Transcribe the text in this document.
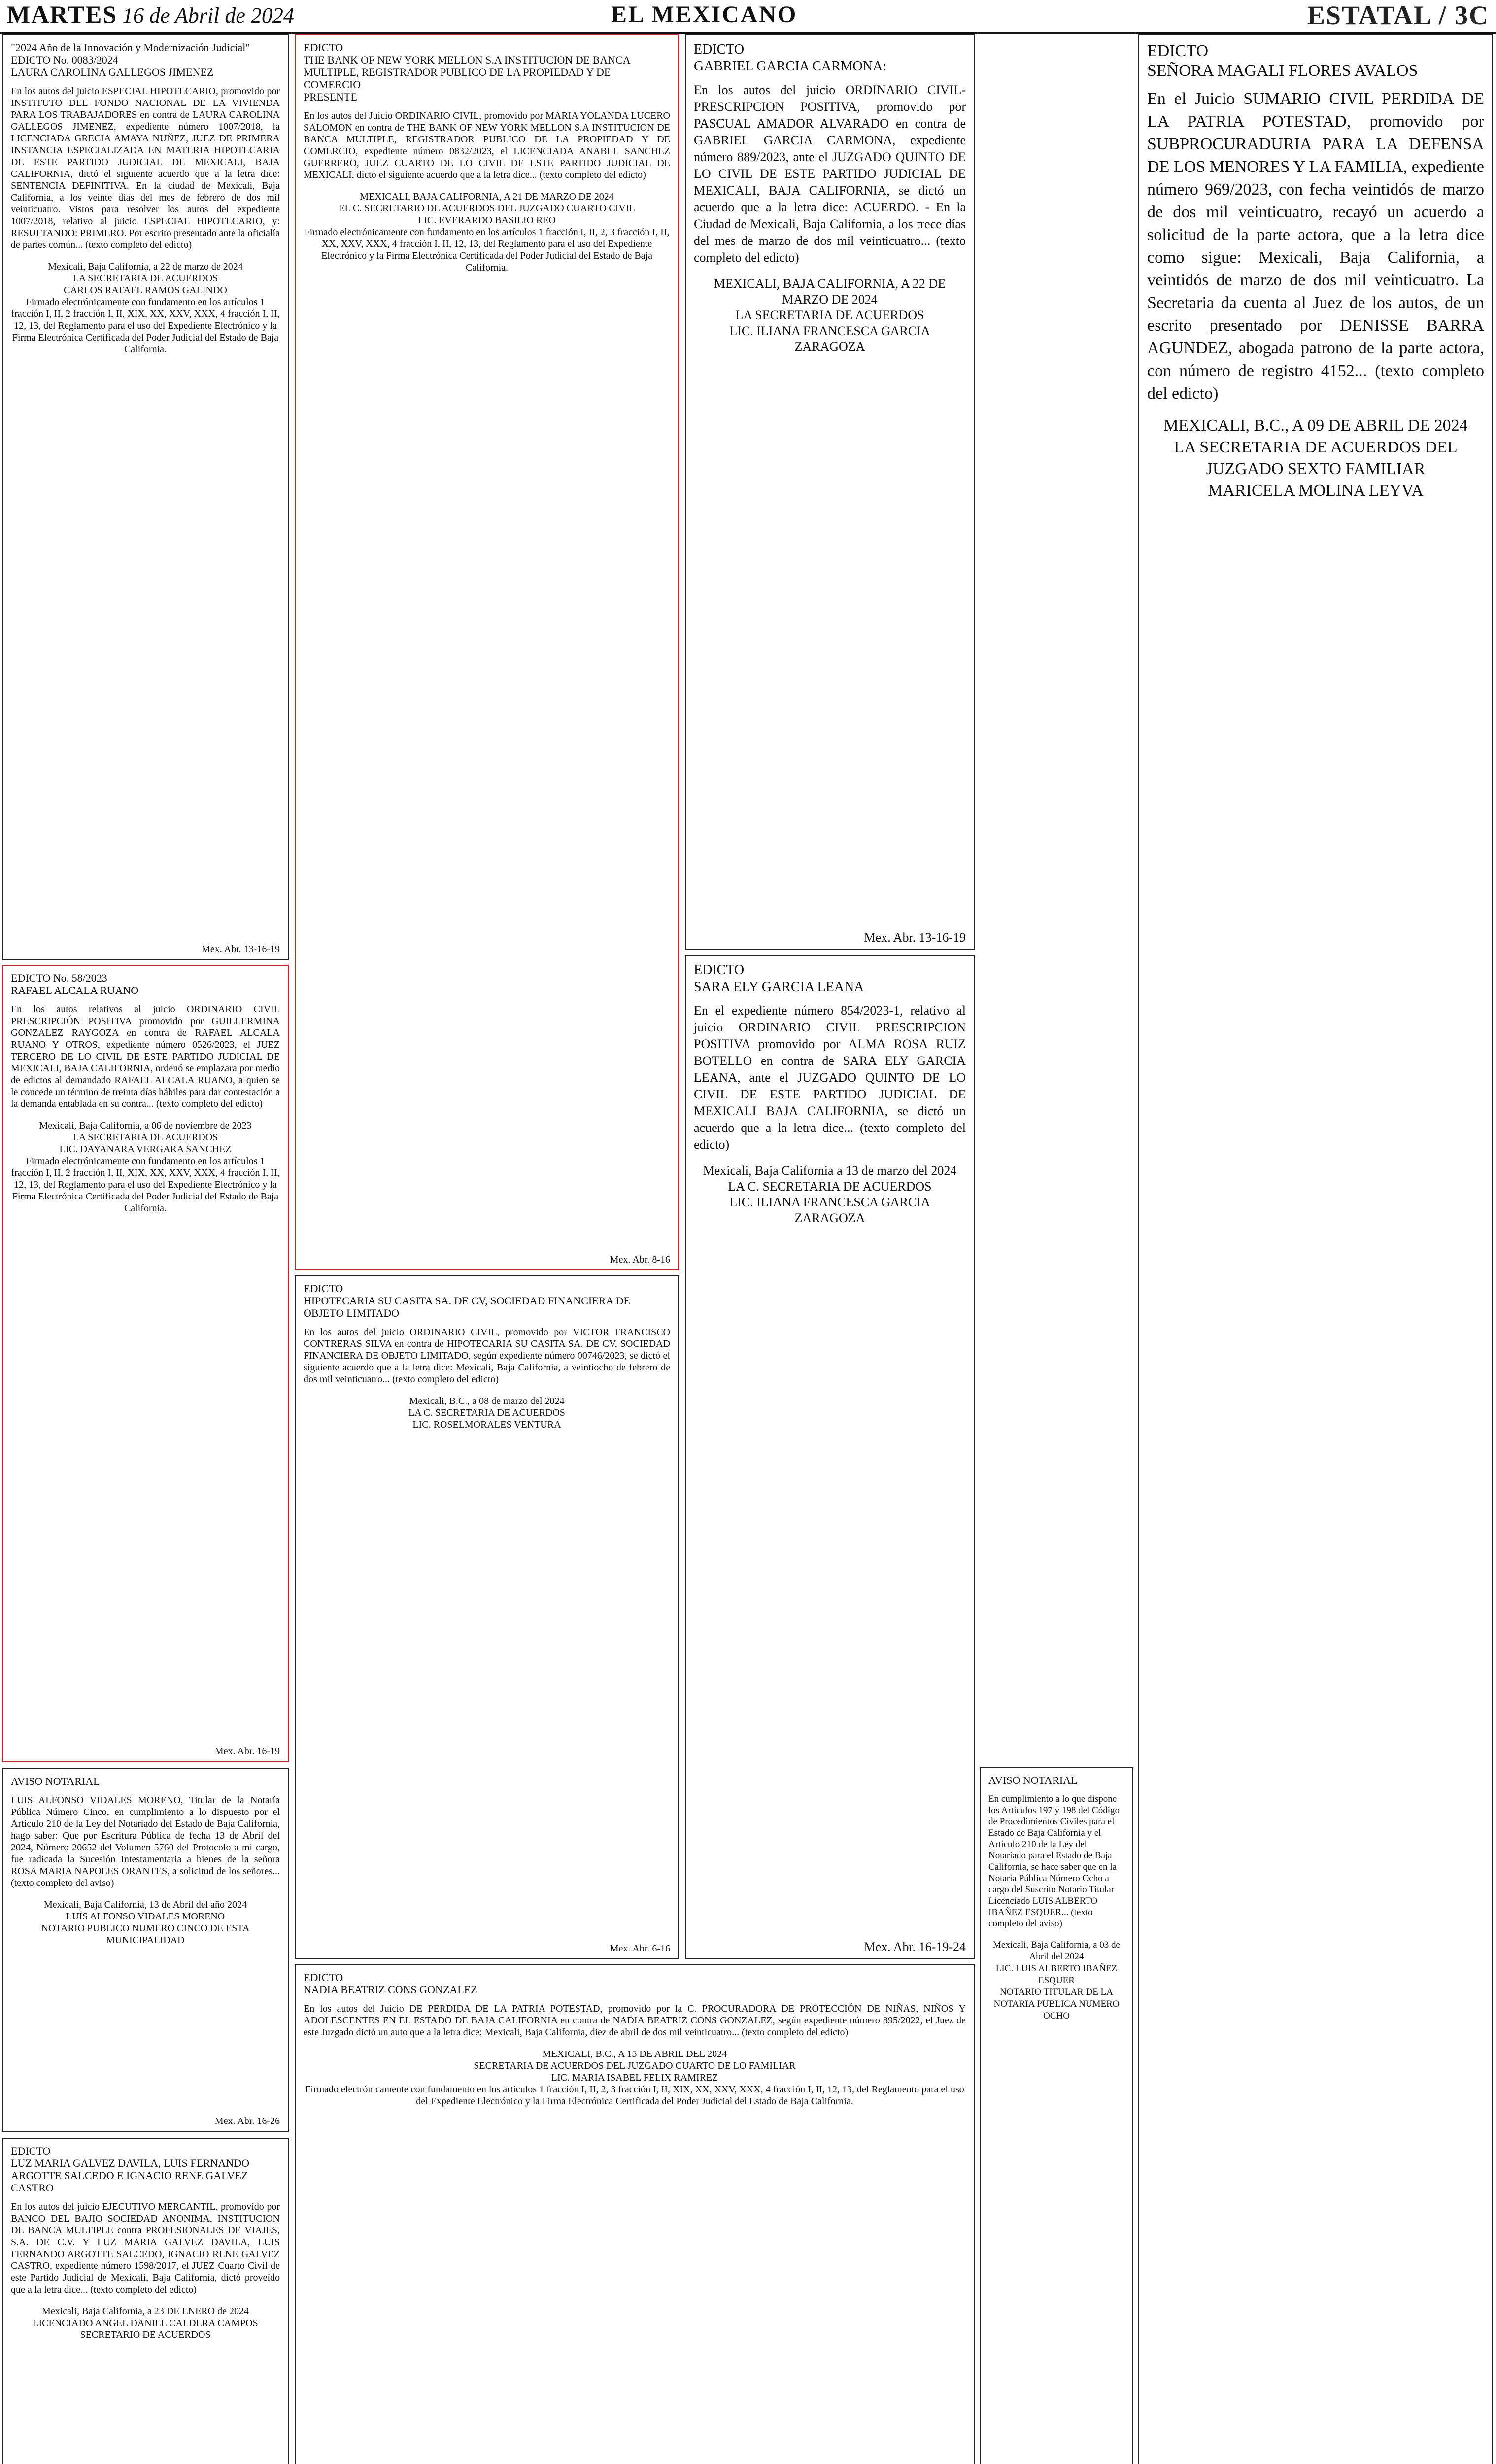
MARTES 16 de Abril de 2024	EL MEXICANO	ESTATAL / 3C
"2024 Año de la Innovación y Modernización Judicial"
EDICTO No. 0083/2024
LAURA CAROLINA GALLEGOS JIMENEZ
En los autos del juicio ESPECIAL HIPOTECARIO, promovido por INSTITUTO DEL FONDO NACIONAL DE LA VIVIENDA PARA LOS TRABAJADORES en contra de LAURA CAROLINA GALLEGOS JIMENEZ, expediente número 1007/2018, la LICENCIADA GRECIA AMAYA NUÑEZ, JUEZ DE PRIMERA INSTANCIA ESPECIALIZADA EN MATERIA HIPOTECARIA DE ESTE PARTIDO JUDICIAL DE MEXICALI, BAJA CALIFORNIA, dictó el siguiente acuerdo que a la letra dice: SENTENCIA DEFINITIVA. En la ciudad de Mexicali, Baja California, a los veinte días del mes de febrero de dos mil veinticuatro. Vistos para resolver los autos del expediente 1007/2018, relativo al juicio ESPECIAL HIPOTECARIO, y: RESULTANDO: PRIMERO. Por escrito presentado ante la oficialía de partes común... (texto completo del edicto)
Mexicali, Baja California, a 22 de marzo de 2024
LA SECRETARIA DE ACUERDOS
CARLOS RAFAEL RAMOS GALINDO
Firmado electrónicamente con fundamento en los artículos 1 fracción I, II, 2 fracción I, II, XIX, XX, XXV, XXX, 4 fracción I, II, 12, 13, del Reglamento para el uso del Expediente Electrónico y la Firma Electrónica Certificada del Poder Judicial del Estado de Baja California.
Mex. Abr. 13-16-19
EDICTO No. 58/2023
RAFAEL ALCALA RUANO
En los autos relativos al juicio ORDINARIO CIVIL PRESCRIPCIÓN POSITIVA promovido por GUILLERMINA GONZALEZ RAYGOZA en contra de RAFAEL ALCALA RUANO Y OTROS, expediente número 0526/2023, el JUEZ TERCERO DE LO CIVIL DE ESTE PARTIDO JUDICIAL DE MEXICALI, BAJA CALIFORNIA, ordenó se emplazara por medio de edictos al demandado RAFAEL ALCALA RUANO, a quien se le concede un término de treinta días hábiles para dar contestación a la demanda entablada en su contra... (texto completo del edicto)
Mexicali, Baja California, a 06 de noviembre de 2023
LA SECRETARIA DE ACUERDOS
LIC. DAYANARA VERGARA SANCHEZ
Firmado electrónicamente con fundamento en los artículos 1 fracción I, II, 2 fracción I, II, XIX, XX, XXV, XXX, 4 fracción I, II, 12, 13, del Reglamento para el uso del Expediente Electrónico y la Firma Electrónica Certificada del Poder Judicial del Estado de Baja California.
Mex. Abr. 16-19
AVISO NOTARIAL
LUIS ALFONSO VIDALES MORENO, Titular de la Notaría Pública Número Cinco, en cumplimiento a lo dispuesto por el Artículo 210 de la Ley del Notariado del Estado de Baja California, hago saber: Que por Escritura Pública de fecha 13 de Abril del 2024, Número 20652 del Volumen 5760 del Protocolo a mi cargo, fue radicada la Sucesión Intestamentaria a bienes de la señora ROSA MARIA NAPOLES ORANTES, a solicitud de los señores... (texto completo del aviso)
Mexicali, Baja California, 13 de Abril del año 2024
LUIS ALFONSO VIDALES MORENO
NOTARIO PUBLICO NUMERO CINCO DE ESTA MUNICIPALIDAD
Mex. Abr. 16-26
EDICTO
LUZ MARIA GALVEZ DAVILA, LUIS FERNANDO ARGOTTE SALCEDO E IGNACIO RENE GALVEZ CASTRO
En los autos del juicio EJECUTIVO MERCANTIL, promovido por BANCO DEL BAJIO SOCIEDAD ANONIMA, INSTITUCION DE BANCA MULTIPLE contra PROFESIONALES DE VIAJES, S.A. DE C.V. Y LUZ MARIA GALVEZ DAVILA, LUIS FERNANDO ARGOTTE SALCEDO, IGNACIO RENE GALVEZ CASTRO, expediente número 1598/2017, el JUEZ Cuarto Civil de este Partido Judicial de Mexicali, Baja California, dictó proveído que a la letra dice... (texto completo del edicto)
Mexicali, Baja California, a 23 DE ENERO de 2024
LICENCIADO ANGEL DANIEL CALDERA CAMPOS
SECRETARIO DE ACUERDOS
EDICTO
THE BANK OF NEW YORK MELLON S.A INSTITUCION DE BANCA MULTIPLE, REGISTRADOR PUBLICO DE LA PROPIEDAD Y DE COMERCIO
PRESENTE
En los autos del Juicio ORDINARIO CIVIL, promovido por MARIA YOLANDA LUCERO SALOMON en contra de THE BANK OF NEW YORK MELLON S.A INSTITUCION DE BANCA MULTIPLE, REGISTRADOR PUBLICO DE LA PROPIEDAD Y DE COMERCIO, expediente número 0832/2023, el LICENCIADA ANABEL SANCHEZ GUERRERO, JUEZ CUARTO DE LO CIVIL DE ESTE PARTIDO JUDICIAL DE MEXICALI, dictó el siguiente acuerdo que a la letra dice... (texto completo del edicto)
MEXICALI, BAJA CALIFORNIA, A 21 DE MARZO DE 2024
EL C. SECRETARIO DE ACUERDOS DEL JUZGADO CUARTO CIVIL
LIC. EVERARDO BASILIO REO
Firmado electrónicamente con fundamento en los artículos 1 fracción I, II, 2, 3 fracción I, II, XX, XXV, XXX, 4 fracción I, II, 12, 13, del Reglamento para el uso del Expediente Electrónico y la Firma Electrónica Certificada del Poder Judicial del Estado de Baja California.
Mex. Abr. 8-16
EDICTO
HIPOTECARIA SU CASITA SA. DE CV, SOCIEDAD FINANCIERA DE OBJETO LIMITADO
En los autos del juicio ORDINARIO CIVIL, promovido por VICTOR FRANCISCO CONTRERAS SILVA en contra de HIPOTECARIA SU CASITA SA. DE CV, SOCIEDAD FINANCIERA DE OBJETO LIMITADO, según expediente número 00746/2023, se dictó el siguiente acuerdo que a la letra dice: Mexicali, Baja California, a veintiocho de febrero de dos mil veinticuatro... (texto completo del edicto)
Mexicali, B.C., a 08 de marzo del 2024
LA C. SECRETARIA DE ACUERDOS
LIC. ROSELMORALES VENTURA
Mex. Abr. 6-16
EDICTO
NADIA BEATRIZ CONS GONZALEZ
En los autos del Juicio DE PERDIDA DE LA PATRIA POTESTAD, promovido por la C. PROCURADORA DE PROTECCIÓN DE NIÑAS, NIÑOS Y ADOLESCENTES EN EL ESTADO DE BAJA CALIFORNIA en contra de NADIA BEATRIZ CONS GONZALEZ, según expediente número 895/2022, el Juez de este Juzgado dictó un auto que a la letra dice: Mexicali, Baja California, diez de abril de dos mil veinticuatro... (texto completo del edicto)
MEXICALI, B.C., A 15 DE ABRIL DEL 2024
SECRETARIA DE ACUERDOS DEL JUZGADO CUARTO DE LO FAMILIAR
LIC. MARIA ISABEL FELIX RAMIREZ
Firmado electrónicamente con fundamento en los artículos 1 fracción I, II, 2, 3 fracción I, II, XIX, XX, XXV, XXX, 4 fracción I, II, 12, 13, del Reglamento para el uso del Expediente Electrónico y la Firma Electrónica Certificada del Poder Judicial del Estado de Baja California.
EDICTO
GABRIEL GARCIA CARMONA:
En los autos del juicio ORDINARIO CIVIL-PRESCRIPCION POSITIVA, promovido por PASCUAL AMADOR ALVARADO en contra de GABRIEL GARCIA CARMONA, expediente número 889/2023, ante el JUZGADO QUINTO DE LO CIVIL DE ESTE PARTIDO JUDICIAL DE MEXICALI, BAJA CALIFORNIA, se dictó un acuerdo que a la letra dice: ACUERDO. - En la Ciudad de Mexicali, Baja California, a los trece días del mes de marzo de dos mil veinticuatro... (texto completo del edicto)
MEXICALI, BAJA CALIFORNIA, A 22 DE MARZO DE 2024
LA SECRETARIA DE ACUERDOS
LIC. ILIANA FRANCESCA GARCIA ZARAGOZA
Mex. Abr. 13-16-19
EDICTO
SARA ELY GARCIA LEANA
En el expediente número 854/2023-1, relativo al juicio ORDINARIO CIVIL PRESCRIPCION POSITIVA promovido por ALMA ROSA RUIZ BOTELLO en contra de SARA ELY GARCIA LEANA, ante el JUZGADO QUINTO DE LO CIVIL DE ESTE PARTIDO JUDICIAL DE MEXICALI BAJA CALIFORNIA, se dictó un acuerdo que a la letra dice... (texto completo del edicto)
Mexicali, Baja California a 13 de marzo del 2024
LA C. SECRETARIA DE ACUERDOS
LIC. ILIANA FRANCESCA GARCIA ZARAGOZA
Mex. Abr. 16-19-24
AVISO NOTARIAL
En cumplimiento a lo que dispone los Artículos 197 y 198 del Código de Procedimientos Civiles para el Estado de Baja California y el Artículo 210 de la Ley del Notariado para el Estado de Baja California, se hace saber que en la Notaría Pública Número Ocho a cargo del Suscrito Notario Titular Licenciado LUIS ALBERTO IBAÑEZ ESQUER... (texto completo del aviso)
Mexicali, Baja California, a 03 de Abril del 2024
LIC. LUIS ALBERTO IBAÑEZ ESQUER
NOTARIO TITULAR DE LA NOTARIA PUBLICA NUMERO OCHO
EDICTO
SEÑORA MAGALI FLORES AVALOS
En el Juicio SUMARIO CIVIL PERDIDA DE LA PATRIA POTESTAD, promovido por SUBPROCURADURIA PARA LA DEFENSA DE LOS MENORES Y LA FAMILIA, expediente número 969/2023, con fecha veintidós de marzo de dos mil veinticuatro, recayó un acuerdo a solicitud de la parte actora, que a la letra dice como sigue: Mexicali, Baja California, a veintidós de marzo de dos mil veinticuatro. La Secretaria da cuenta al Juez de los autos, de un escrito presentado por DENISSE BARRA AGUNDEZ, abogada patrono de la parte actora, con número de registro 4152... (texto completo del edicto)
MEXICALI, B.C., A 09 DE ABRIL DE 2024
LA SECRETARIA DE ACUERDOS DEL JUZGADO SEXTO FAMILIAR
MARICELA MOLINA LEYVA
